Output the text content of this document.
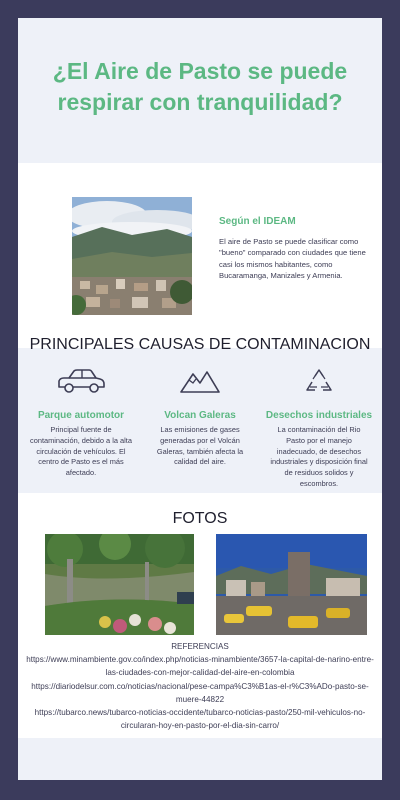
¿El Aire de Pasto se puede respirar con tranquilidad?
Según el IDEAM

El aire de Pasto se puede clasificar como "bueno" comparado con ciudades que tiene casi los mismos habitantes, como Bucaramanga, Manizales y Armenia.

PRINCIPALES CAUSAS DE CONTAMINACION
Parque automotor

Principal fuente de contaminación, debido a la alta circulación de vehículos. El centro de Pasto es el más afectado.

Volcan Galeras

Las emisiones de gases generadas por el Volcán Galeras, también afecta la calidad del aire.

Desechos industriales

La contaminación del Rio Pasto por el manejo inadecuado, de desechos industriales y disposición final de residuos solidos y escombros.

FOTOS
REFERENCIAS
https://www.minambiente.gov.co/index.php/noticias-minambiente/3657-la-capital-de-narino-entre-las-ciudades-con-mejor-calidad-del-aire-en-colombia
https://diariodelsur.com.co/noticias/nacional/pese-campa%C3%B1as-el-r%C3%ADo-pasto-se-muere-44822
https://tubarco.news/tubarco-noticias-occidente/tubarco-noticias-pasto/250-mil-vehiculos-no-circularan-hoy-en-pasto-por-el-dia-sin-carro/
